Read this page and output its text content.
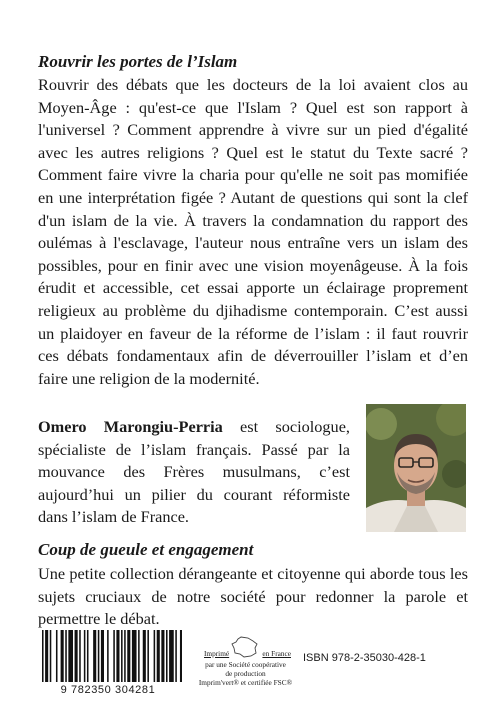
Rouvrir les portes de l’Islam

Rouvrir des débats que les docteurs de la loi avaient clos au Moyen-Âge : qu'est-ce que l'Islam ? Quel est son rapport à l'universel ? Comment apprendre à vivre sur un pied d'égalité avec les autres religions ? Quel est le statut du Texte sacré ? Comment faire vivre la charia pour qu'elle ne soit pas momifiée en une interprétation figée ? Autant de questions qui sont la clef d'un islam de la vie. À travers la condamnation du rapport des oulémas à l'esclavage, l'auteur nous entraîne vers un islam des possibles, pour en finir avec une vision moyenâgeuse. À la fois érudit et accessible, cet essai apporte un éclairage proprement religieux au problème du djihadisme contemporain. C’est aussi un plaidoyer en faveur de la réforme de l’islam : il faut rouvrir ces débats fondamentaux afin de déverrouiller l’islam et d’en faire une religion de la modernité.

Omero Marongiu-Perria est sociologue, spécialiste de l’islam français. Passé par la mouvance des Frères musulmans, c’est aujourd’hui un pilier du courant réformiste dans l’islam de France.

Coup de gueule et engagement

Une petite collection dérangeante et citoyenne qui aborde tous les sujets cruciaux de notre société pour redonner la parole et permettre le débat.

9 782350 304281
Imprimé	en France
par une Société coopérative
de production
Imprim'vert® et certifiée FSC®
ISBN 978-2-35030-428-1
